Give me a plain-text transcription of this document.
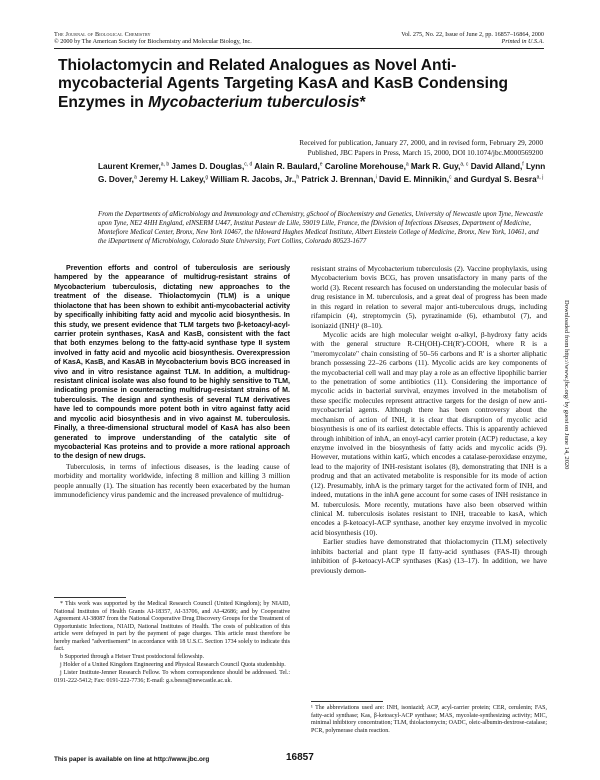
The Journal of Biological Chemistry
© 2000 by The American Society for Biochemistry and Molecular Biology, Inc.
Vol. 275, No. 22, Issue of June 2, pp. 16857–16864, 2000
Printed in U.S.A.
Thiolactomycin and Related Analogues as Novel Anti-mycobacterial Agents Targeting KasA and KasB Condensing Enzymes in Mycobacterium tuberculosis*
Received for publication, January 27, 2000, and in revised form, February 29, 2000
Published, JBC Papers in Press, March 15, 2000, DOI 10.1074/jbc.M000569200
Laurent Kremer,$^{a, b}$ James D. Douglas,$^{c, d}$ Alain R. Baulard,$^e$ Caroline Morehouse,$^a$ Mark R. Guy,$^{a, c}$ David Alland,$^f$ Lynn G. Dover,$^a$ Jeremy H. Lakey,$^g$ William R. Jacobs, Jr.,$^h$ Patrick J. Brennan,$^i$ David E. Minnikin,$^c$ and Gurdyal S. Besra$^{a, j}$
From the Departments of aMicrobiology and Immunology and cChemistry, gSchool of Biochemistry and Genetics, University of Newcastle upon Tyne, Newcastle upon Tyne, NE2 4HH England, eINSERM U447, Institut Pasteur de Lille, 59019 Lille, France, the fDivision of Infectious Diseases, Department of Medicine, Montefiore Medical Center, Bronx, New York 10467, the hHoward Hughes Medical Institute, Albert Einstein College of Medicine, Bronx, New York, 10461, and the iDepartment of Microbiology, Colorado State University, Fort Collins, Colorado 80523-1677

Prevention efforts and control of tuberculosis are seriously hampered by the appearance of multidrug-resistant strains of Mycobacterium tuberculosis, dictating new approaches to the treatment of the disease. Thiolactomycin (TLM) is a unique thiolactone that has been shown to exhibit anti-mycobacterial activity by specifically inhibiting fatty acid and mycolic acid biosynthesis. In this study, we present evidence that TLM targets two β-ketoacyl-acyl-carrier protein synthases, KasA and KasB, consistent with the fact that both enzymes belong to the fatty-acid synthase type II system involved in fatty acid and mycolic acid biosynthesis. Overexpression of KasA, KasB, and KasAB in Mycobacterium bovis BCG increased in vivo and in vitro resistance against TLM. In addition, a multidrug-resistant clinical isolate was also found to be highly sensitive to TLM, indicating promise in counteracting multidrug-resistant strains of M. tuberculosis. The design and synthesis of several TLM derivatives have led to compounds more potent both in vitro against fatty acid and mycolic acid biosynthesis and in vivo against M. tuberculosis. Finally, a three-dimensional structural model of KasA has also been generated to improve understanding of the catalytic site of mycobacterial Kas proteins and to provide a more rational approach to the design of new drugs.

Tuberculosis, in terms of infectious diseases, is the leading cause of morbidity and mortality worldwide, infecting 8 million and killing 3 million people annually (1). The situation has recently been exacerbated by the human immunodeficiency virus pandemic and the increased prevalence of multidrug-

* This work was supported by the Medical Research Council (United Kingdom); by NIAID, National Institutes of Health Grants AI-18357, AI-33706, and AI-42686; and by Cooperative Agreement AI-38087 from the National Cooperative Drug Discovery Groups for the Treatment of Opportunistic Infections, NIAID, National Institutes of Health. The costs of publication of this article were defrayed in part by the payment of page charges. This article must therefore be hereby marked "advertisement" in accordance with 18 U.S.C. Section 1734 solely to indicate this fact.

b Supported through a Heiser Trust postdoctoral fellowship.

j Holder of a United Kingdom Engineering and Physical Research Council Quota studentship.

j Lister Institute-Jenner Research Fellow. To whom correspondence should be addressed. Tel.: 0191-222-5412; Fax: 0191-222-7736; E-mail: g.s.besra@newcastle.ac.uk.

resistant strains of Mycobacterium tuberculosis (2). Vaccine prophylaxis, using Mycobacterium bovis BCG, has proven unsatisfactory in many parts of the world (3). Recent research has focused on understanding the molecular basis of drug resistance in M. tuberculosis, and a great deal of progress has been made in this regard in relation to several major anti-tuberculous drugs, including rifampicin (4), streptomycin (5), pyrazinamide (6), ethambutol (7), and isoniazid (INH)¹ (8–10).

Mycolic acids are high molecular weight α-alkyl, β-hydroxy fatty acids with the general structure R-CH(OH)-CH(R')-COOH, where R is a "meromycolate" chain consisting of 50–56 carbons and R' is a shorter aliphatic branch possessing 22–26 carbons (11). Mycolic acids are key components of the mycobacterial cell wall and may play a role as an effective lipophilic barrier to the penetration of some antibiotics (11). Considering the importance of mycolic acids in bacterial survival, enzymes involved in the metabolism of these specific molecules represent attractive targets for the design of new anti-mycobacterial agents. Although there has been controversy about the mechanism of action of INH, it is clear that disruption of mycolic acid biosynthesis is one of its earliest detectable effects. This is apparently achieved through inhibition of inhA, an enoyl-acyl carrier protein (ACP) reductase, a key enzyme involved in the biosynthesis of fatty acids and mycolic acids (9). However, mutations within katG, which encodes a catalase-peroxidase enzyme, lead to the majority of INH-resistant isolates (8), demonstrating that INH is a prodrug and that an activated metabolite is responsible for its mode of action (12). Presumably, inhA is the primary target for the activated form of INH, and indeed, mutations in the inhA gene account for some cases of INH resistance in M. tuberculosis. More recently, mutations have also been observed within clinical M. tuberculosis isolates resistant to INH, traceable to kasA, which encodes a β-ketoacyl-ACP synthase, another key enzyme involved in mycolic acid biosynthesis (10).

Earlier studies have demonstrated that thiolactomycin (TLM) selectively inhibits bacterial and plant type II fatty-acid synthases (FAS-II) through inhibition of β-ketoacyl-ACP synthases (Kas) (13–17). In addition, we have previously demon-

¹ The abbreviations used are: INH, isoniazid; ACP, acyl-carrier protein; CER, cerulenin; FAS, fatty-acid synthase; Kas, β-ketoacyl-ACP synthase; MAS, mycolate-synthesizing activity; MIC, minimal inhibitory concentration; TLM, thiolactomycin; OADC, oleic-albumin-dextrose-catalase; PCR, polymerase chain reaction.
This paper is available on line at http://www.jbc.org	16857
Downloaded from http://www.jbc.org/ by guest on June 14, 2020
